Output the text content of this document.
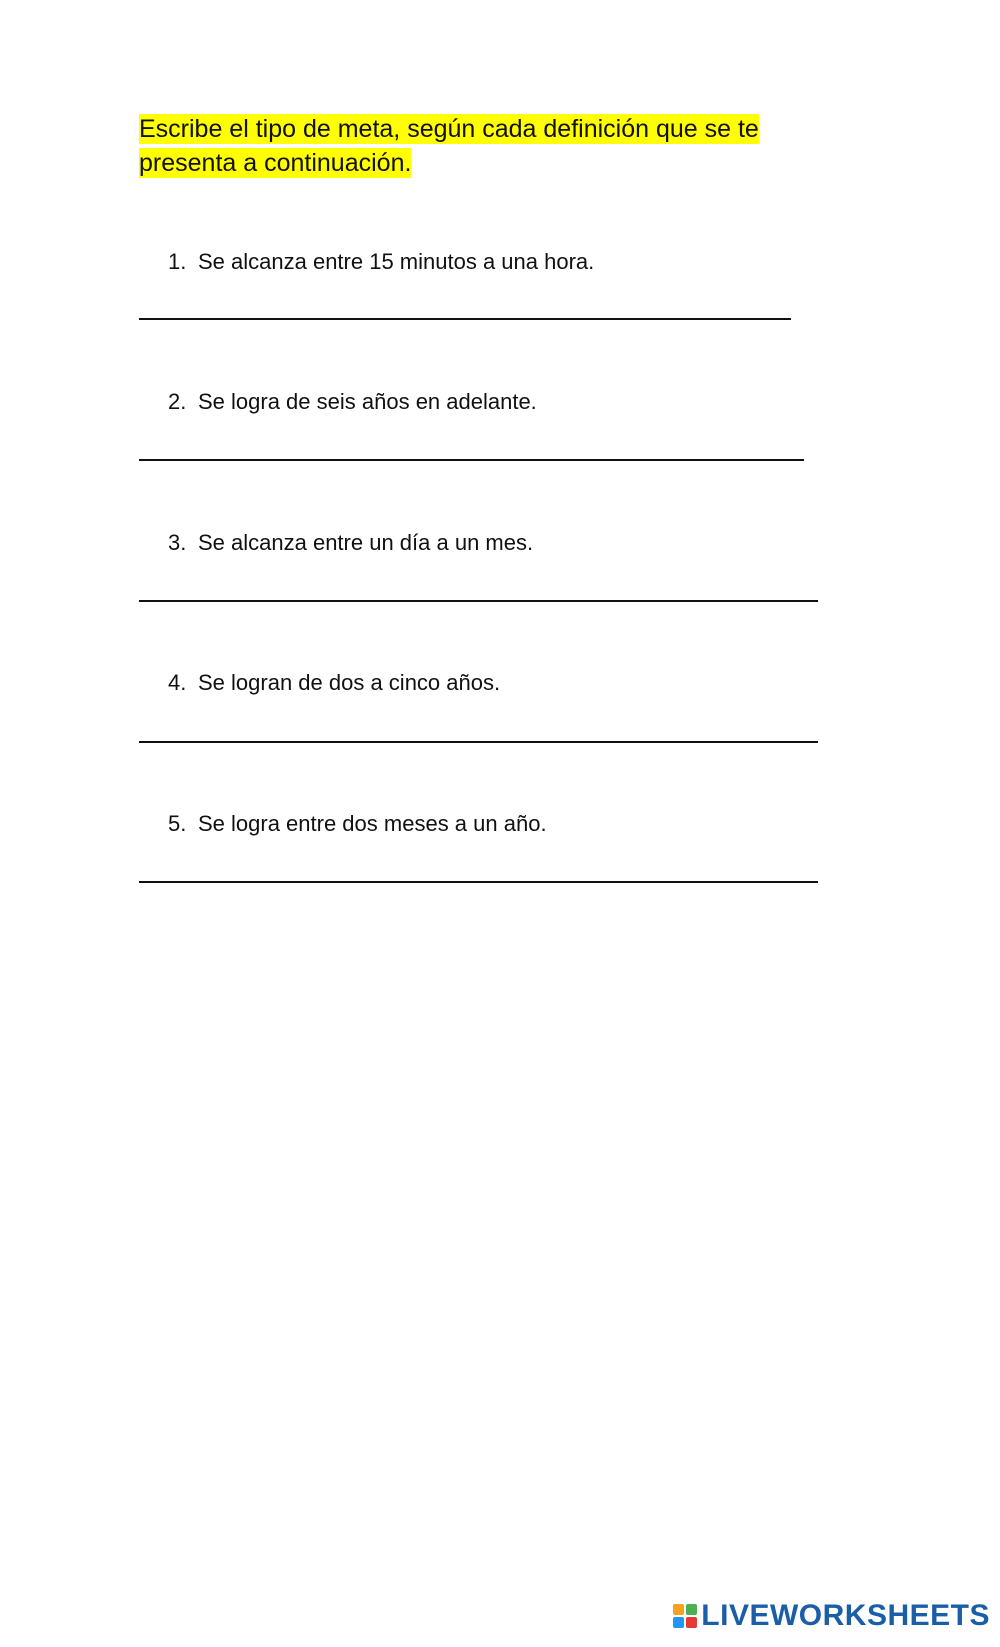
Escribe el tipo de meta, según cada definición que se te presenta a continuación.

1. Se alcanza entre 15 minutos a una hora.
2. Se logra de seis años en adelante.
3. Se alcanza entre un día a un mes.
4. Se logran de dos a cinco años.
5. Se logra entre dos meses a un año.
LIVEWORKSHEETS
